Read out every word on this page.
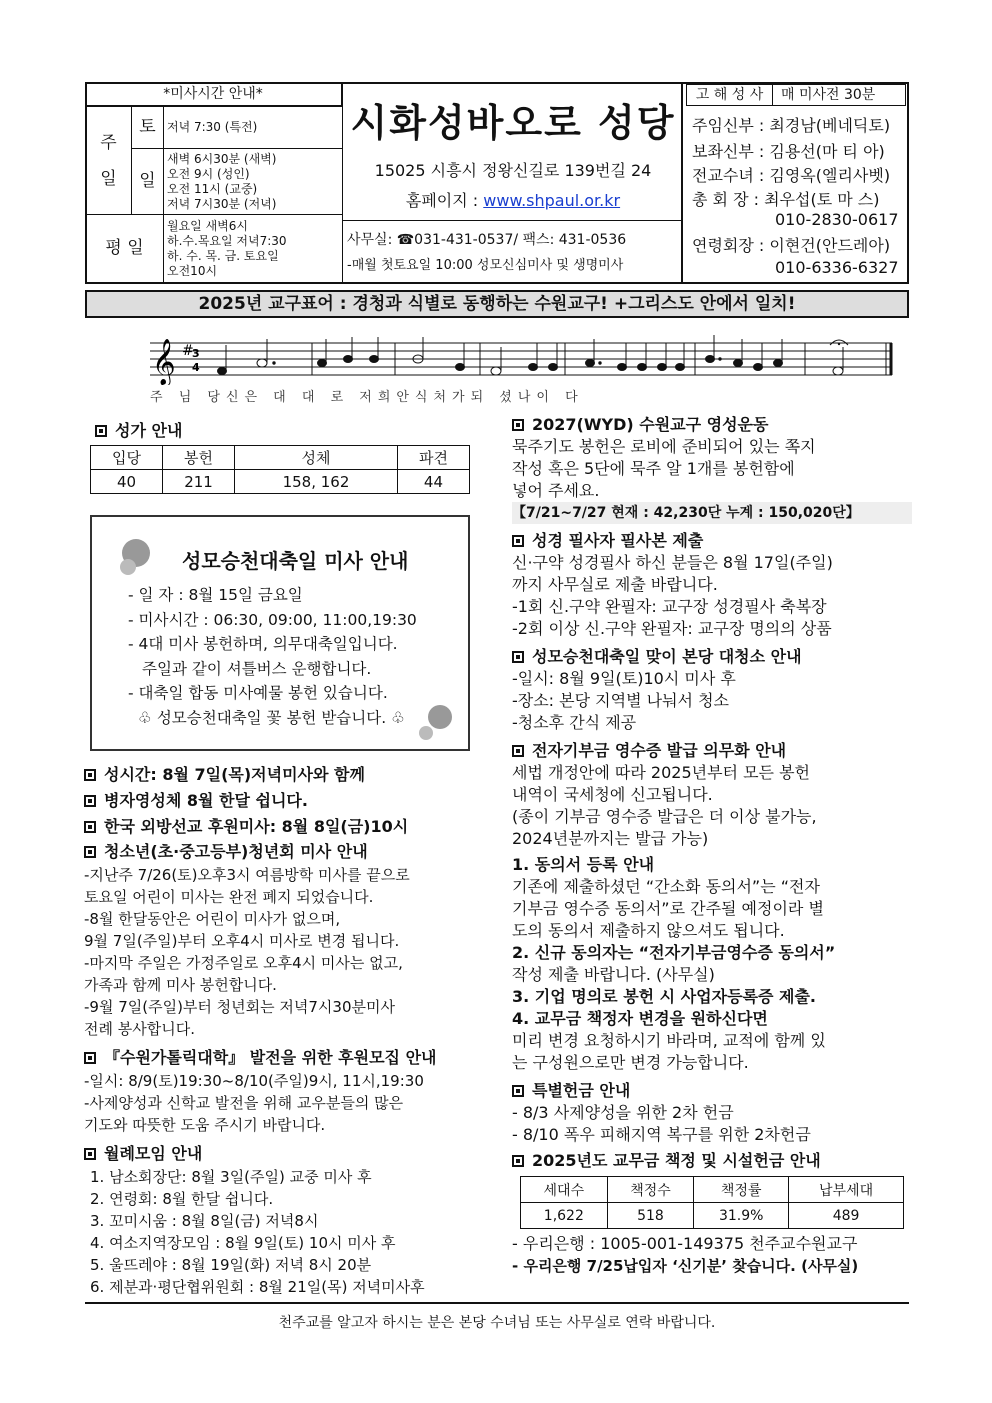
*미사시간 안내*
주
일	토	저녁 7:30 (특전)
	일	새벽 6시30분 (새벽)
오전 9시 (성인)
오전 11시 (교중)
저녁 7시30분 (저녁)

평 일		월요일 새벽6시
하.수.목요일 저녁7:30
하. 수. 목. 금. 토요일
오전10시
시화성바오로 성당
15025 시흥시 정왕신길로 139번길 24
홈페이지 : www.shpaul.or.kr
사무실: ☎031-431-0537/ 팩스: 431-0536
-매월 첫토요일 10:00 성모신심미사 및 생명미사
고 해 성 사 매 미사전 30분
주임신부 : 최경남(베네딕토)
보좌신부 : 김용선(마 티 아)
전교수녀 : 김영옥(엘리사벳)
총 회 장 : 최우섭(토 마 스)
010-2830-0617
연령회장 : 이현건(안드레아)
010-6336-6327
2025년 교구표어 : 경청과 식별로 동행하는 수원교구! +그리스도 안에서 일치!
𝄞 #
3
4
주 님 당신은 대 대 로 저희안식처가되 셨나이 다
성가 안내
입당	봉헌	성체	파견
40	211	158, 162	44
성모승천대축일 미사 안내
- 일 자 : 8월 15일 금요일
- 미사시간 : 06:30, 09:00, 11:00,19:30
- 4대 미사 봉헌하며, 의무대축일입니다.
주일과 같이 셔틀버스 운행합니다.
- 대축일 합동 미사예물 봉헌 있습니다.
♧ 성모승천대축일 꽃 봉헌 받습니다. ♧
성시간: 8월 7일(목)저녁미사와 함께
병자영성체 8월 한달 쉽니다.
한국 외방선교 후원미사: 8월 8일(금)10시
청소년(초·중고등부)청년회 미사 안내
-지난주 7/26(토)오후3시 여름방학 미사를 끝으로
토요일 어린이 미사는 완전 폐지 되었습니다.
-8월 한달동안은 어린이 미사가 없으며,
9월 7일(주일)부터 오후4시 미사로 변경 됩니다.
-마지막 주일은 가정주일로 오후4시 미사는 없고,
가족과 함께 미사 봉헌합니다.
-9월 7일(주일)부터 청년회는 저녁7시30분미사
전례 봉사합니다.
『수원가톨릭대학』 발전을 위한 후원모집 안내
-일시: 8/9(토)19:30~8/10(주일)9시, 11시,19:30
-사제양성과 신학교 발전을 위해 교우분들의 많은
기도와 따뜻한 도움 주시기 바랍니다.
월례모임 안내
1. 남소회장단: 8월 3일(주일) 교중 미사 후
2. 연령회: 8월 한달 쉽니다.
3. 꼬미시움 : 8월 8일(금) 저녁8시
4. 여소지역장모임 : 8월 9일(토) 10시 미사 후
5. 울뜨레야 : 8월 19일(화) 저녁 8시 20분
6. 제분과·평단협위원회 : 8월 21일(목) 저녁미사후
2027(WYD) 수원교구 영성운동
묵주기도 봉헌은 로비에 준비되어 있는 쪽지
작성 혹은 5단에 묵주 알 1개를 봉헌함에
넣어 주세요.
【7/21~7/27 현재 : 42,230단 누계 : 150,020단】
성경 필사자 필사본 제출
신·구약 성경필사 하신 분들은 8월 17일(주일)
까지 사무실로 제출 바랍니다.
-1회 신.구약 완필자: 교구장 성경필사 축복장
-2회 이상 신.구약 완필자: 교구장 명의의 상품
성모승천대축일 맞이 본당 대청소 안내
-일시: 8월 9일(토)10시 미사 후
-장소: 본당 지역별 나눠서 청소
-청소후 간식 제공
전자기부금 영수증 발급 의무화 안내
세법 개정안에 따라 2025년부터 모든 봉헌
내역이 국세청에 신고됩니다.
(종이 기부금 영수증 발급은 더 이상 불가능,
2024년분까지는 발급 가능)
1. 동의서 등록 안내
기존에 제출하셨던 “간소화 동의서”는 “전자
기부금 영수증 동의서”로 간주될 예정이라 별
도의 동의서 제출하지 않으셔도 됩니다.
2. 신규 동의자는 “전자기부금영수증 동의서”
작성 제출 바랍니다. (사무실)
3. 기업 명의로 봉헌 시 사업자등록증 제출.
4. 교무금 책정자 변경을 원하신다면
미리 변경 요청하시기 바라며, 교적에 함께 있
는 구성원으로만 변경 가능합니다.
특별헌금 안내
- 8/3 사제양성을 위한 2차 헌금
- 8/10 폭우 피해지역 복구를 위한 2차헌금
2025년도 교무금 책정 및 시설헌금 안내
세대수	책정수	책정률	납부세대
1,622	518	31.9%	489
- 우리은행 : 1005-001-149375 천주교수원교구
- 우리은행 7/25납입자 ‘신기분’ 찾습니다. (사무실)
천주교를 알고자 하시는 분은 본당 수녀님 또는 사무실로 연락 바랍니다.
